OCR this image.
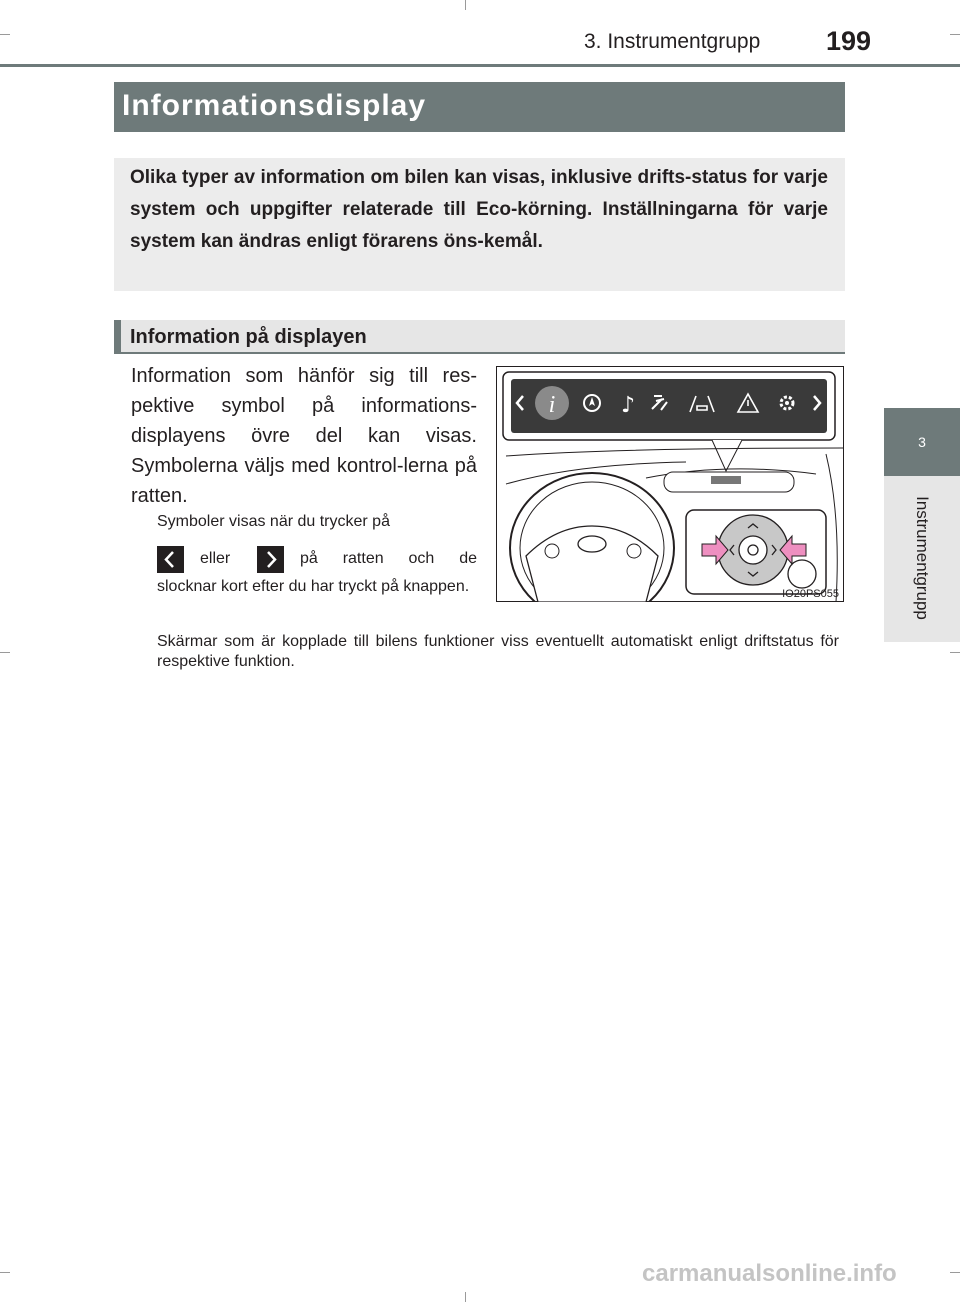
3. Instrumentgrupp 199
3
Instrumentgrupp
Informationsdisplay
Olika typer av information om bilen kan visas, inklusive drifts-status for varje system och uppgifter relaterade till Eco-körning. Inställningarna för varje system kan ändras enligt förarens öns-kemål.
Information på displayen
Information som hänför sig till res-pektive symbol på informations-displayens övre del kan visas. Symbolerna väljs med kontrol-lerna på ratten.
Symboler visas när du trycker på
eller	på ratten och de
slocknar kort efter du har tryckt på knappen.
Skärmar som är kopplade till bilens funktioner viss eventuellt automatiskt enligt driftstatus för respektive funktion.
i	♪
IO20PS055
carmanualsonline.info
